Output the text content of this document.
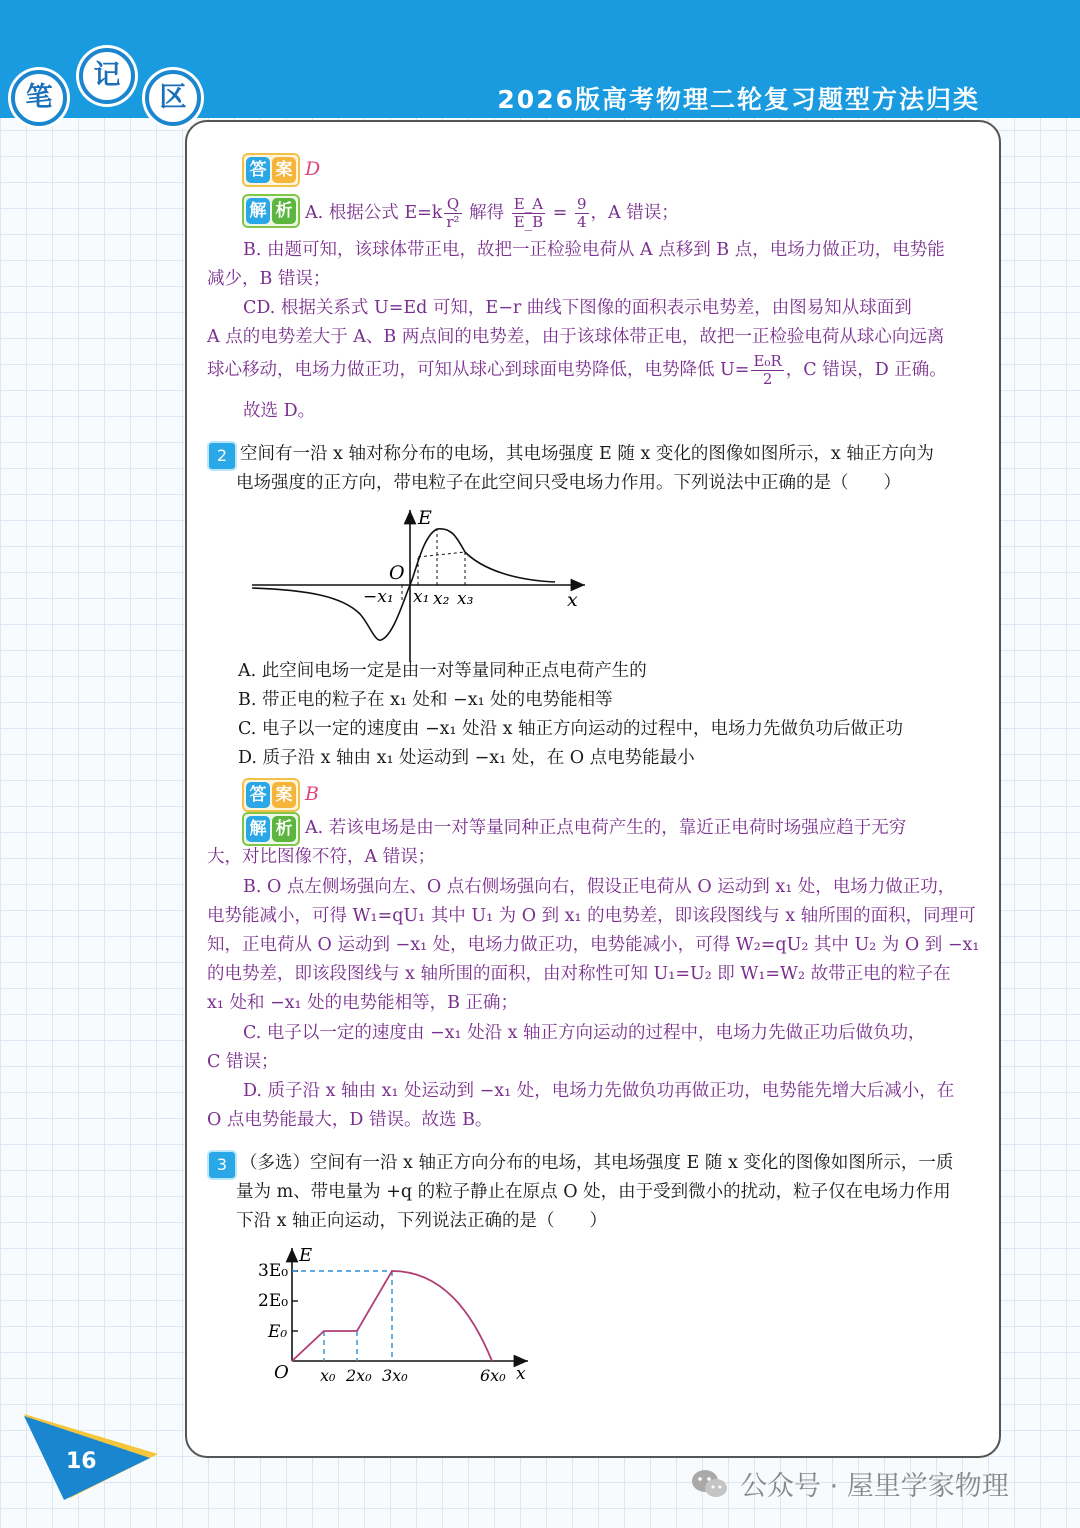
笔
记
区	2026版高考物理二轮复习题型方法归类
答 案 D
解 析 A. 根据公式 $E=k \frac{Q}{\text{r²}}$ 解得 $\frac{E\_A}{E\_B} = \frac{9}{4}$ ，A 错误；
B. 由题可知，该球体带正电，故把一正检验电荷从 A 点移到 B 点，电场力做正功，电势能
减少，B 错误；
CD. 根据关系式 U=Ed 可知，E−r 曲线下图像的面积表示电势差，由图易知从球面到
A 点的电势差大于 A、B 两点间的电势差，由于该球体带正电，故把一正检验电荷从球心向远离
球心移动，电场力做正功，可知从球心到球面电势降低，电势降低 $U= \frac{\text{E₀R}}{2}$ ，C 错误，D 正确。
故选 D。
2 空间有一沿 x 轴对称分布的电场，其电场强度 E 随 x 变化的图像如图所示，x 轴正方向为
电场强度的正方向，带电粒子在此空间只受电场力作用。下列说法中正确的是（　　）
E
O
x
−x₁ x₁ x₂ x₃
A. 此空间电场一定是由一对等量同种正点电荷产生的
B. 带正电的粒子在 x₁ 处和 −x₁ 处的电势能相等
C. 电子以一定的速度由 −x₁ 处沿 x 轴正方向运动的过程中，电场力先做负功后做正功
D. 质子沿 x 轴由 x₁ 处运动到 −x₁ 处，在 O 点电势能最小
答 案 B
解 析 A. 若该电场是由一对等量同种正点电荷产生的，靠近正电荷时场强应趋于无穷
大，对比图像不符，A 错误；
B. O 点左侧场强向左、O 点右侧场强向右，假设正电荷从 O 运动到 x₁ 处，电场力做正功，
电势能减小，可得 W₁=qU₁ 其中 U₁ 为 O 到 x₁ 的电势差，即该段图线与 x 轴所围的面积，同理可
知，正电荷从 O 运动到 −x₁ 处，电场力做正功，电势能减小，可得 W₂=qU₂ 其中 U₂ 为 O 到 −x₁
的电势差，即该段图线与 x 轴所围的面积，由对称性可知 U₁=U₂ 即 W₁=W₂ 故带正电的粒子在
x₁ 处和 −x₁ 处的电势能相等，B 正确；
C. 电子以一定的速度由 −x₁ 处沿 x 轴正方向运动的过程中，电场力先做正功后做负功，
C 错误；
D. 质子沿 x 轴由 x₁ 处运动到 −x₁ 处，电场力先做负功再做正功，电势能先增大后减小，在
O 点电势能最大，D 错误。故选 B。
3 （多选）空间有一沿 x 轴正方向分布的电场，其电场强度 E 随 x 变化的图像如图所示，一质
量为 m、带电量为 +q 的粒子静止在原点 O 处，由于受到微小的扰动，粒子仅在电场力作用
下沿 x 轴正向运动，下列说法正确的是（　　）
E
3E₀
2E₀
E₀
O x₀ 2x₀ 3x₀	6x₀ x
16
公众号 · 屋里学家物理
